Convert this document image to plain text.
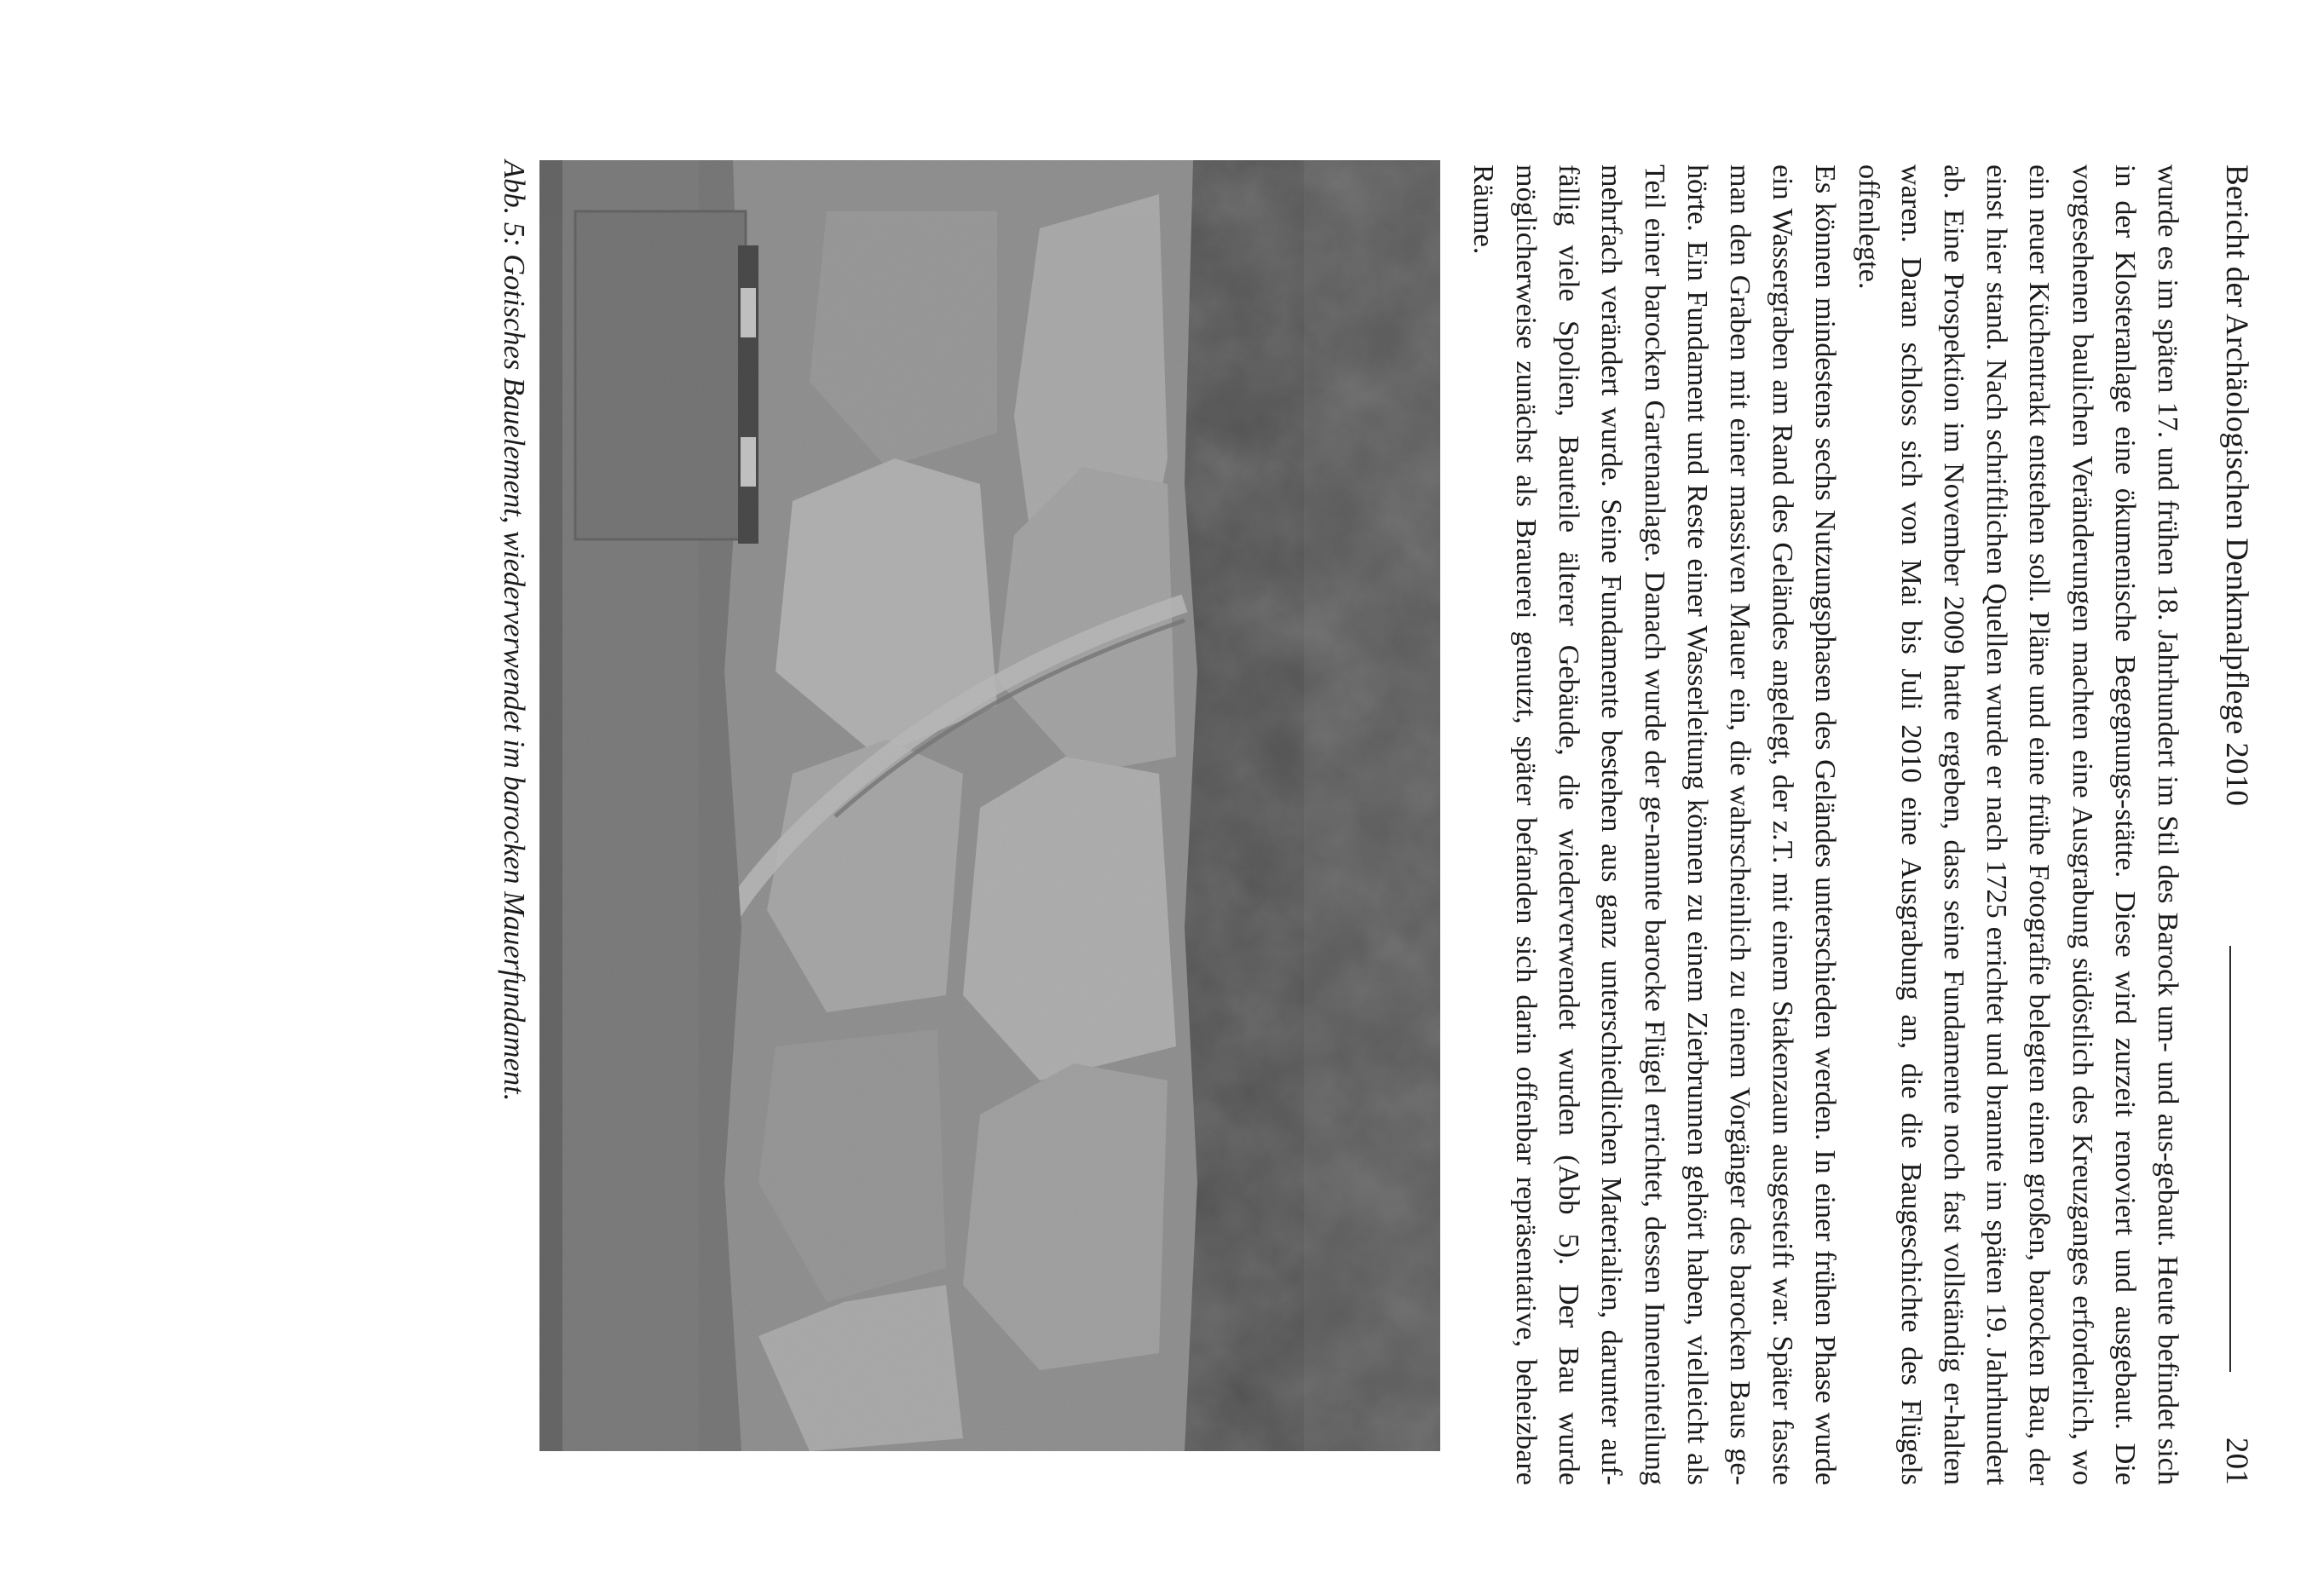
Bericht der Archäologischen Denkmalpflege 2010
201

wurde es im späten 17. und frühen 18. Jahrhundert im Stil des Barock um- und aus-gebaut. Heute befindet sich in der Klosteranlage eine ökumenische Begegnungs-stätte. Diese wird zurzeit renoviert und ausgebaut. Die vorgesehenen baulichen Veränderungen machten eine Ausgrabung südöstlich des Kreuzganges erforderlich, wo ein neuer Küchentrakt entstehen soll. Pläne und eine frühe Fotografie belegten einen großen, barocken Bau, der einst hier stand. Nach schriftlichen Quellen wurde er nach 1725 errichtet und brannte im späten 19. Jahrhundert ab. Eine Prospektion im November 2009 hatte ergeben, dass seine Fundamente noch fast vollständig er-halten waren. Daran schloss sich von Mai bis Juli 2010 eine Ausgrabung an, die die Baugeschichte des Flügels offenlegte.

Es können mindestens sechs Nutzungsphasen des Geländes unterschieden werden. In einer frühen Phase wurde ein Wassergraben am Rand des Geländes angelegt, der z.T. mit einem Stakenzaun ausgesteift war. Später fasste man den Graben mit einer massiven Mauer ein, die wahrscheinlich zu einem Vorgänger des barocken Baus ge-hörte. Ein Fundament und Reste einer Wasserleitung können zu einem Zierbrunnen gehört haben, vielleicht als Teil einer barocken Gartenanlage. Danach wurde der ge-nannte barocke Flügel errichtet, dessen Inneneinteilung mehrfach verändert wurde. Seine Fundamente bestehen aus ganz unterschiedlichen Materialien, darunter auf-fällig viele Spolien, Bauteile älterer Gebäude, die wiederverwendet wurden (Abb 5). Der Bau wurde möglicherweise zunächst als Brauerei genutzt, später befanden sich darin offenbar repräsentative, beheizbare Räume.

Abb. 5: Gotisches Bauelement, wiederverwendet im barocken Mauerfundament.
